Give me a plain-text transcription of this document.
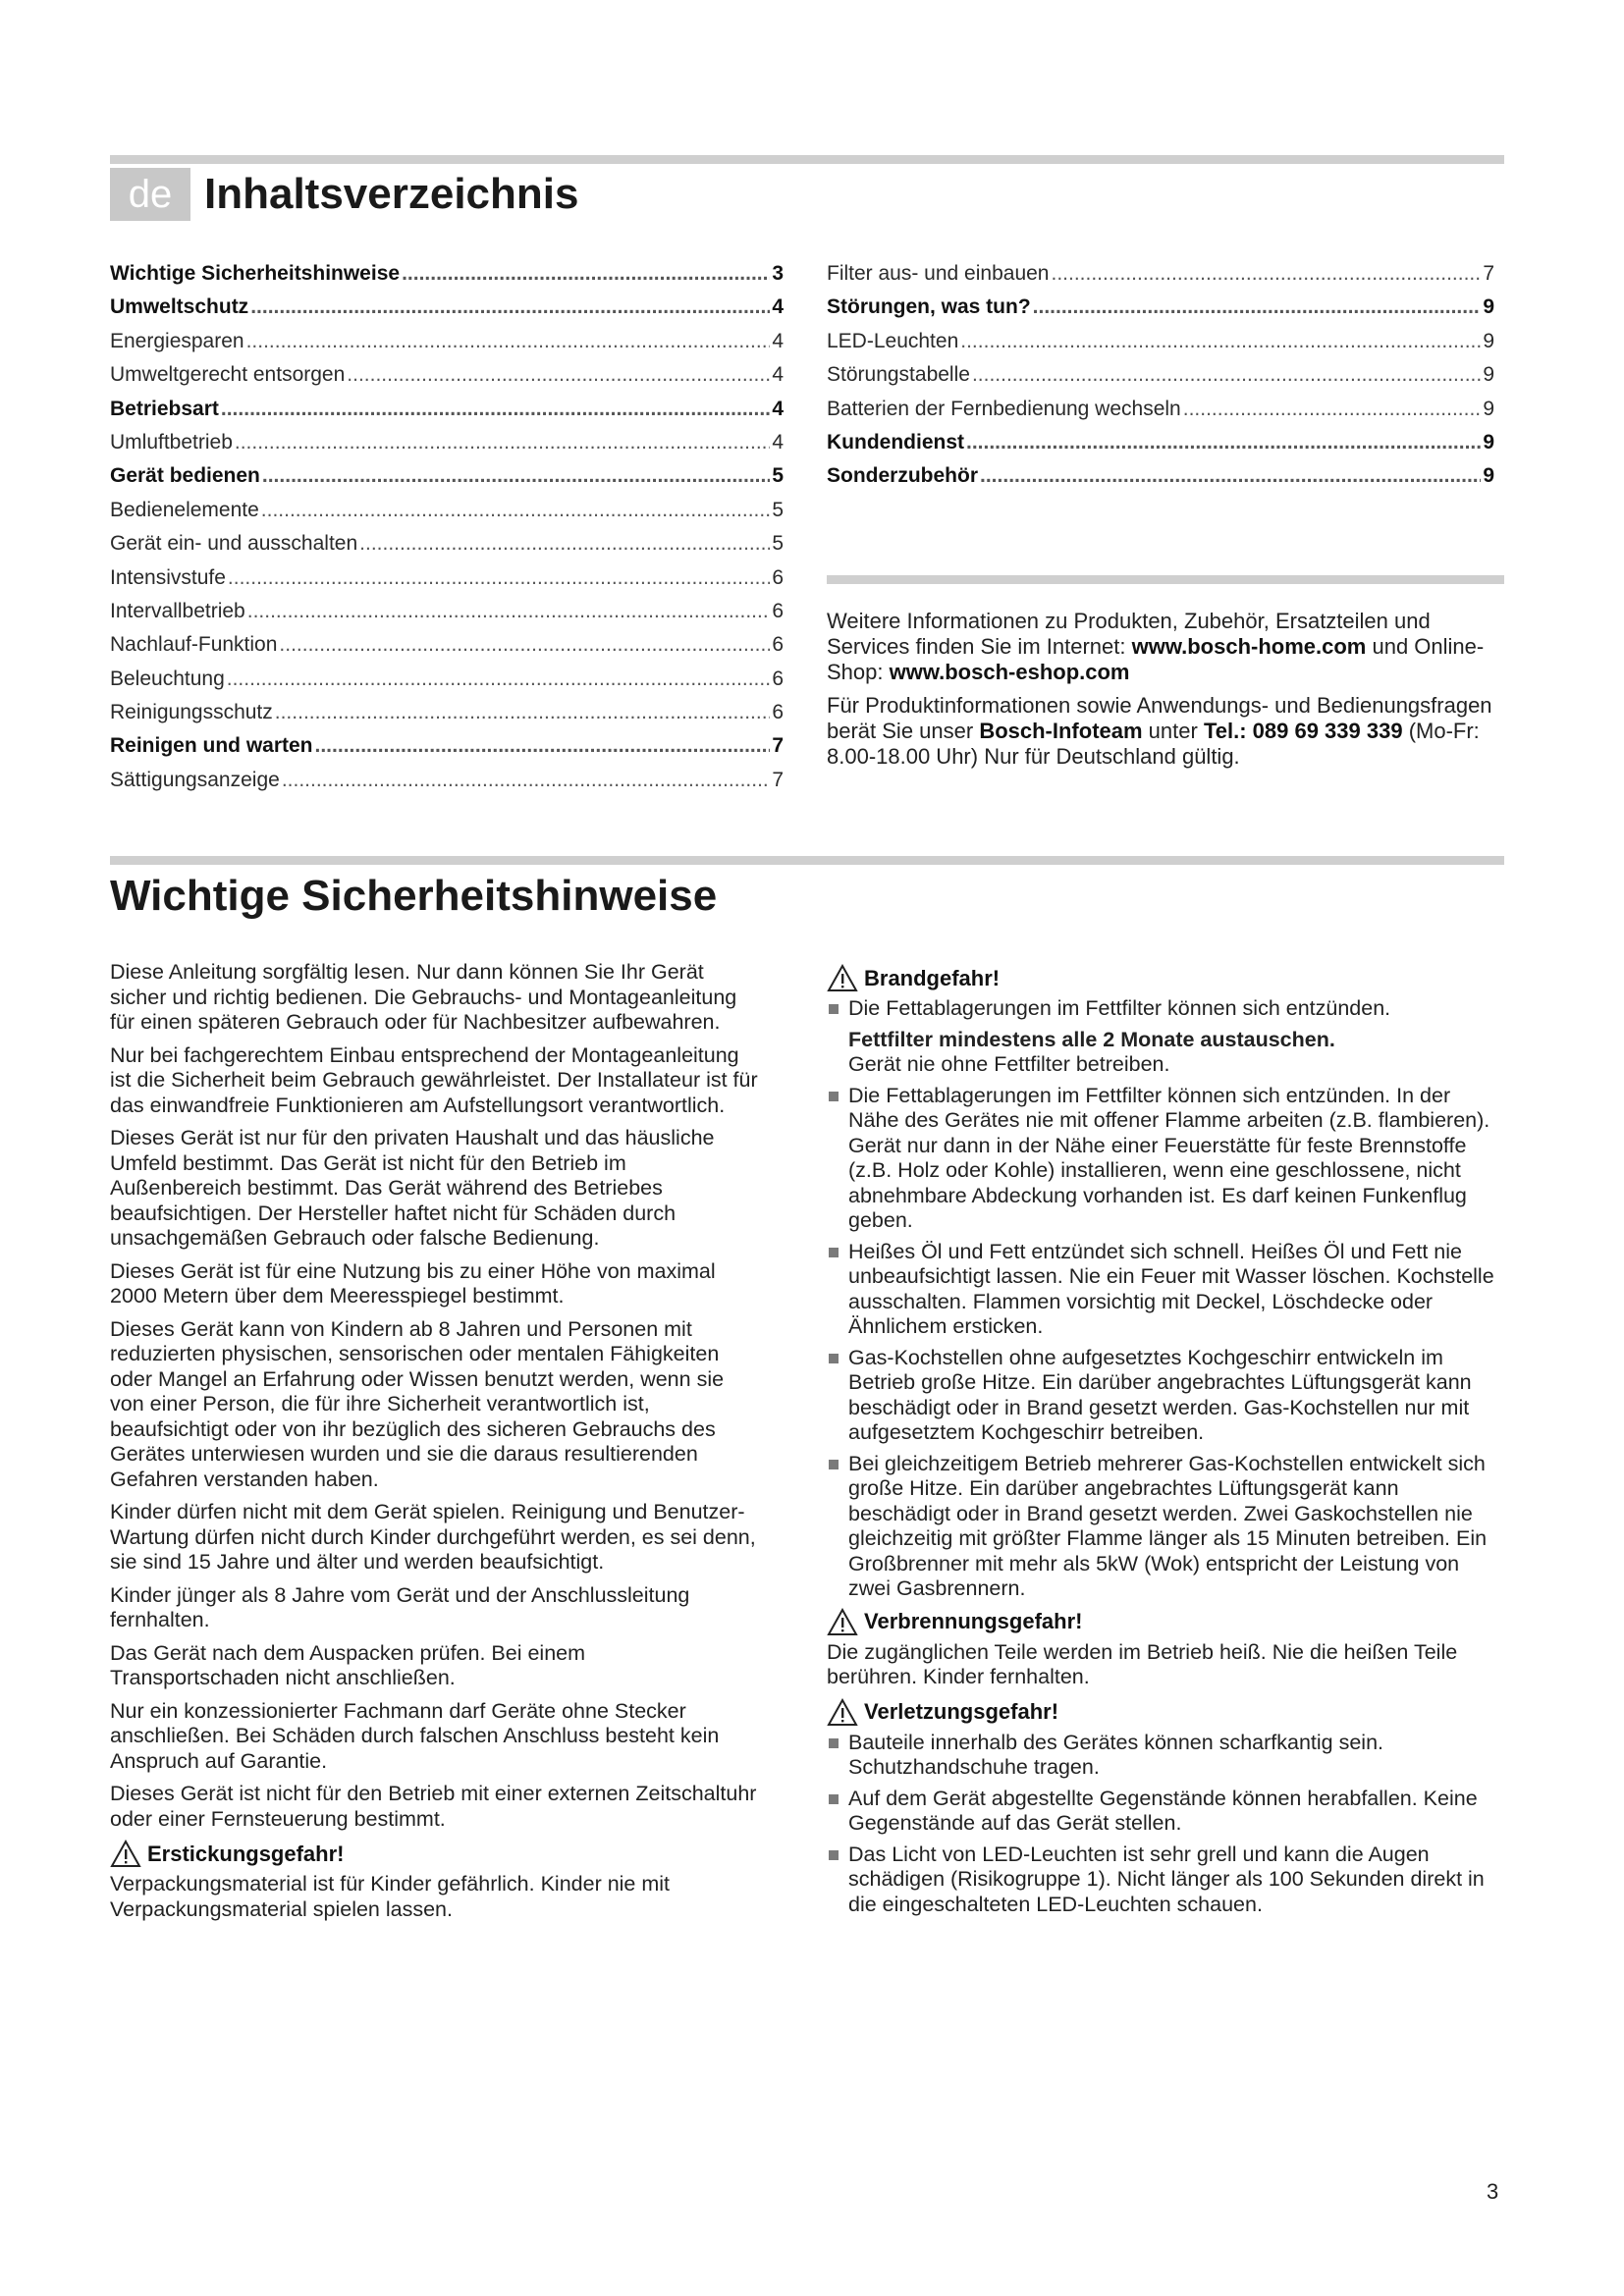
de Inhaltsverzeichnis
Wichtige Sicherheitshinweise .....	3
Umweltschutz .....	4
Energiesparen .....	4
Umweltgerecht entsorgen .....	4
Betriebsart .....	4
Umluftbetrieb .....	4
Gerät bedienen .....	5
Bedienelemente .....	5
Gerät ein- und ausschalten .....	5
Intensivstufe .....	6
Intervallbetrieb .....	6
Nachlauf-Funktion .....	6
Beleuchtung .....	6
Reinigungsschutz .....	6
Reinigen und warten .....	7
Sättigungsanzeige .....	7
Filter aus- und einbauen .....	7
Störungen, was tun? .....	9
LED-Leuchten .....	9
Störungstabelle .....	9
Batterien der Fernbedienung wechseln .....	9
Kundendienst .....	9
Sonderzubehör .....	9

Weitere Informationen zu Produkten, Zubehör, Ersatzteilen und Services finden Sie im Internet: www.bosch-home.com und Online-Shop: www.bosch-eshop.com

Für Produktinformationen sowie Anwendungs- und Bedienungsfragen berät Sie unser Bosch-Infoteam unter Tel.: 089 69 339 339 (Mo-Fr: 8.00-18.00 Uhr) Nur für Deutschland gültig.

Wichtige Sicherheitshinweise

Diese Anleitung sorgfältig lesen. Nur dann können Sie Ihr Gerät sicher und richtig bedienen. Die Gebrauchs- und Montageanleitung für einen späteren Gebrauch oder für Nachbesitzer aufbewahren.

Nur bei fachgerechtem Einbau entsprechend der Montageanleitung ist die Sicherheit beim Gebrauch gewährleistet. Der Installateur ist für das einwandfreie Funktionieren am Aufstellungsort verantwortlich.

Dieses Gerät ist nur für den privaten Haushalt und das häusliche Umfeld bestimmt. Das Gerät ist nicht für den Betrieb im Außenbereich bestimmt. Das Gerät während des Betriebes beaufsichtigen. Der Hersteller haftet nicht für Schäden durch unsachgemäßen Gebrauch oder falsche Bedienung.

Dieses Gerät ist für eine Nutzung bis zu einer Höhe von maximal 2000 Metern über dem Meeresspiegel bestimmt.

Dieses Gerät kann von Kindern ab 8 Jahren und Personen mit reduzierten physischen, sensorischen oder mentalen Fähigkeiten oder Mangel an Erfahrung oder Wissen benutzt werden, wenn sie von einer Person, die für ihre Sicherheit verantwortlich ist, beaufsichtigt oder von ihr bezüglich des sicheren Gebrauchs des Gerätes unterwiesen wurden und sie die daraus resultierenden Gefahren verstanden haben.

Kinder dürfen nicht mit dem Gerät spielen. Reinigung und Benutzer-Wartung dürfen nicht durch Kinder durchgeführt werden, es sei denn, sie sind 15 Jahre und älter und werden beaufsichtigt.

Kinder jünger als 8 Jahre vom Gerät und der Anschlussleitung fernhalten.

Das Gerät nach dem Auspacken prüfen. Bei einem Transportschaden nicht anschließen.

Nur ein konzessionierter Fachmann darf Geräte ohne Stecker anschließen. Bei Schäden durch falschen Anschluss besteht kein Anspruch auf Garantie.

Dieses Gerät ist nicht für den Betrieb mit einer externen Zeitschaltuhr oder einer Fernsteuerung bestimmt.

Erstickungsgefahr!

Verpackungsmaterial ist für Kinder gefährlich. Kinder nie mit Verpackungsmaterial spielen lassen.

Brandgefahr!
Die Fettablagerungen im Fettfilter können sich entzünden.
Fettfilter mindestens alle 2 Monate austauschen.
Gerät nie ohne Fettfilter betreiben.
Die Fettablagerungen im Fettfilter können sich entzünden. In der Nähe des Gerätes nie mit offener Flamme arbeiten (z.B. flambieren). Gerät nur dann in der Nähe einer Feuerstätte für feste Brennstoffe (z.B. Holz oder Kohle) installieren, wenn eine geschlossene, nicht abnehmbare Abdeckung vorhanden ist. Es darf keinen Funkenflug geben.
Heißes Öl und Fett entzündet sich schnell. Heißes Öl und Fett nie unbeaufsichtigt lassen. Nie ein Feuer mit Wasser löschen. Kochstelle ausschalten. Flammen vorsichtig mit Deckel, Löschdecke oder Ähnlichem ersticken.
Gas-Kochstellen ohne aufgesetztes Kochgeschirr entwickeln im Betrieb große Hitze. Ein darüber angebrachtes Lüftungsgerät kann beschädigt oder in Brand gesetzt werden. Gas-Kochstellen nur mit aufgesetztem Kochgeschirr betreiben.
Bei gleichzeitigem Betrieb mehrerer Gas-Kochstellen entwickelt sich große Hitze. Ein darüber angebrachtes Lüftungsgerät kann beschädigt oder in Brand gesetzt werden. Zwei Gaskochstellen nie gleichzeitig mit größter Flamme länger als 15 Minuten betreiben. Ein Großbrenner mit mehr als 5kW (Wok) entspricht der Leistung von zwei Gasbrennern.
Verbrennungsgefahr!

Die zugänglichen Teile werden im Betrieb heiß. Nie die heißen Teile berühren. Kinder fernhalten.

Verletzungsgefahr!
Bauteile innerhalb des Gerätes können scharfkantig sein. Schutzhandschuhe tragen.
Auf dem Gerät abgestellte Gegenstände können herabfallen. Keine Gegenstände auf das Gerät stellen.
Das Licht von LED-Leuchten ist sehr grell und kann die Augen schädigen (Risikogruppe 1). Nicht länger als 100 Sekunden direkt in die eingeschalteten LED-Leuchten schauen.
3
